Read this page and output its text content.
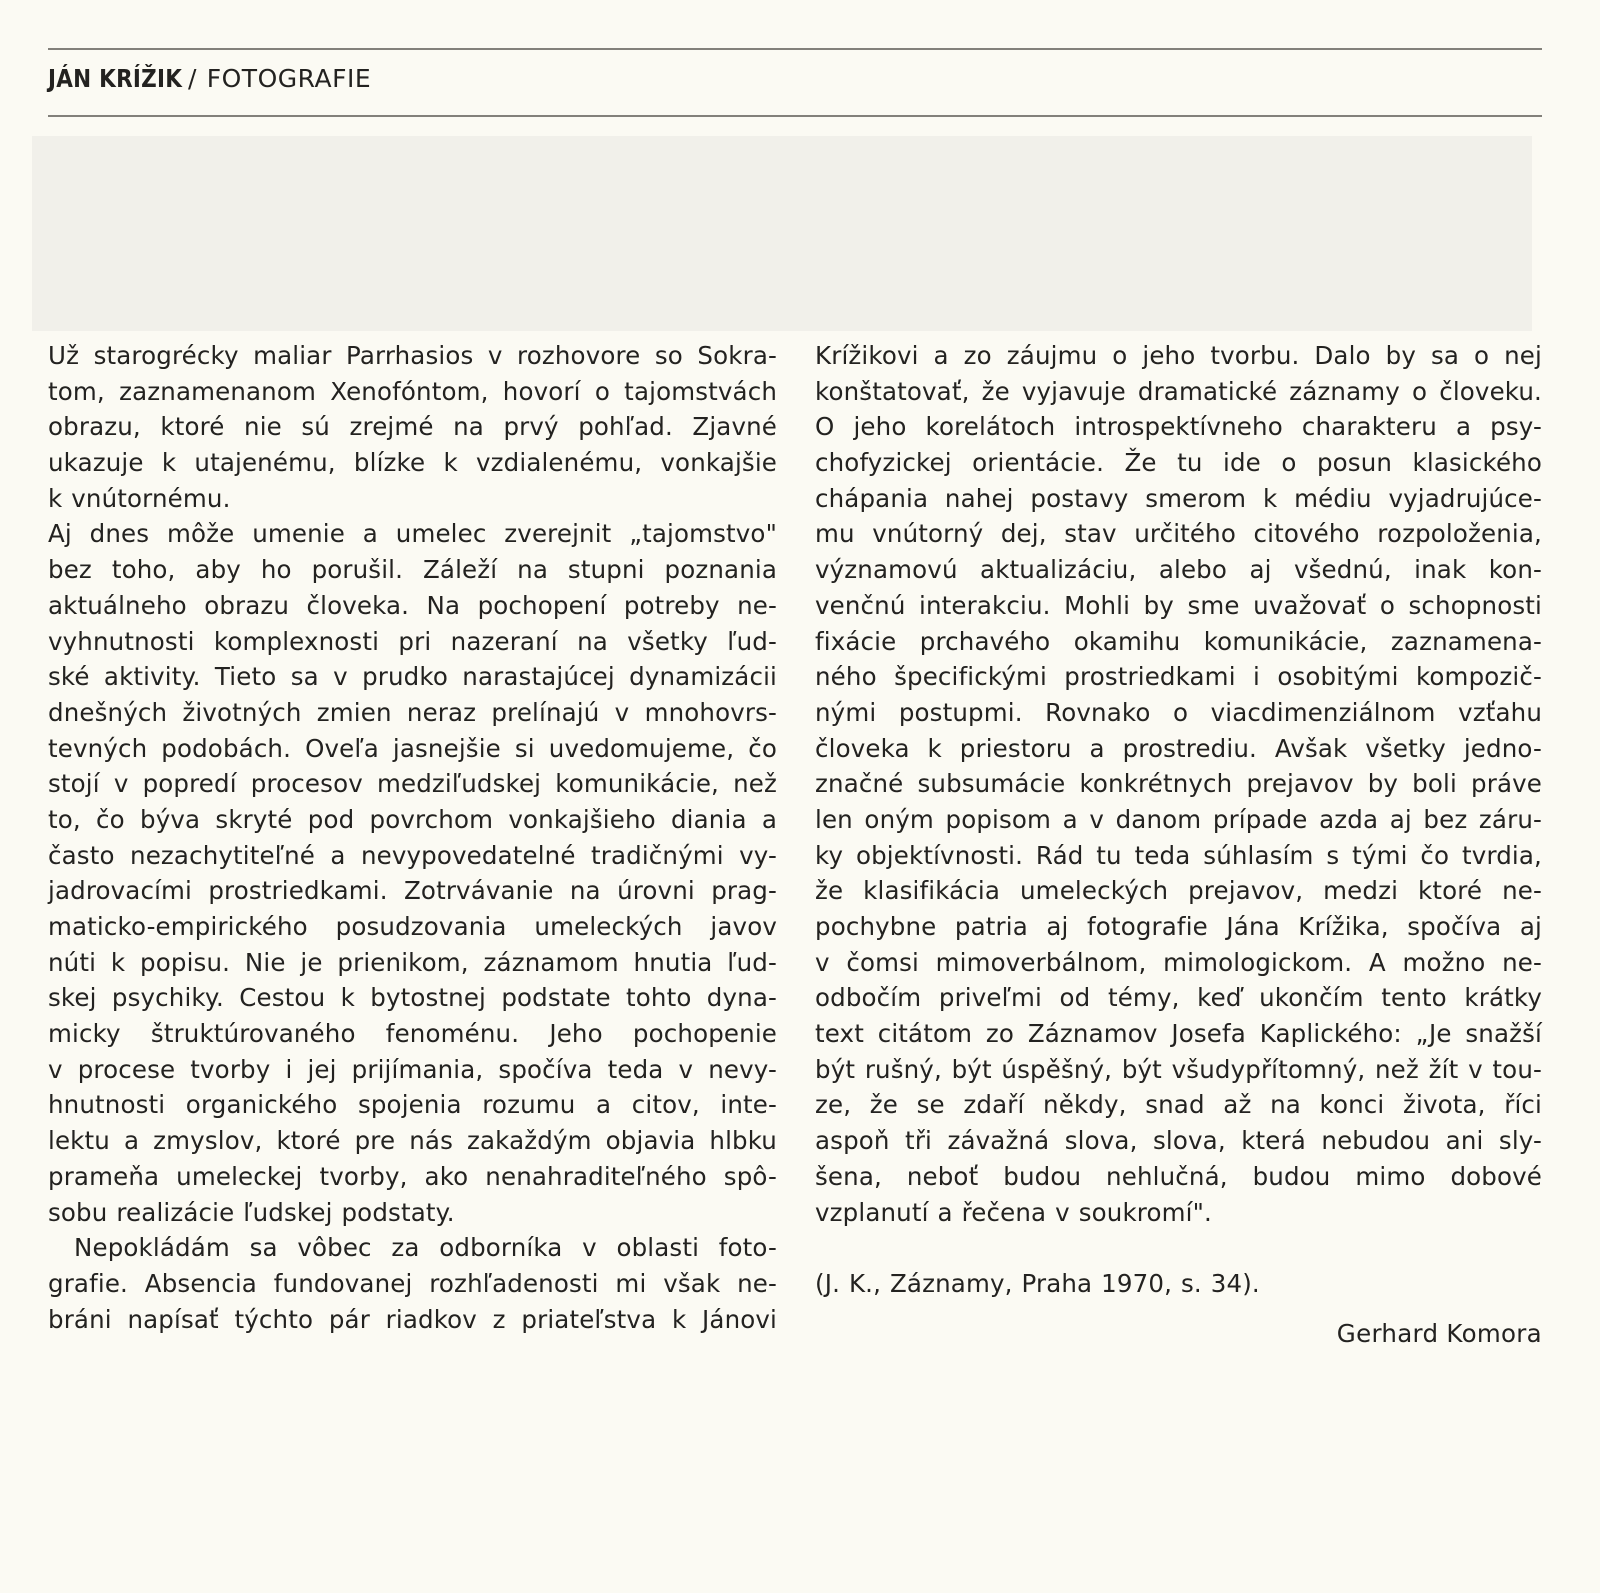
JÁN KRÍŽIK / FOTOGRAFIE
Už starogrécky maliar Parrhasios v rozhovore so Sokra-
tom, zaznamenanom Xenofóntom, hovorí o tajomstvách
obrazu, ktoré nie sú zrejmé na prvý pohľad. Zjavné
ukazuje k utajenému, blízke k vzdialenému, vonkajšie
k vnútornému.
Aj dnes môže umenie a umelec zverejnit „tajomstvo"
bez toho, aby ho porušil. Záleží na stupni poznania
aktuálneho obrazu človeka. Na pochopení potreby ne-
vyhnutnosti komplexnosti pri nazeraní na všetky ľud-
ské aktivity. Tieto sa v prudko narastajúcej dynamizácii
dnešných životných zmien neraz prelínajú v mnohovrs-
tevných podobách. Oveľa jasnejšie si uvedomujeme, čo
stojí v popredí procesov medziľudskej komunikácie, než
to, čo býva skryté pod povrchom vonkajšieho diania a
často nezachytiteľné a nevypovedatelné tradičnými vy-
jadrovacími prostriedkami. Zotrvávanie na úrovni prag-
maticko-empirického posudzovania umeleckých javov
núti k popisu. Nie je prienikom, záznamom hnutia ľud-
skej psychiky. Cestou k bytostnej podstate tohto dyna-
micky štruktúrovaného fenoménu. Jeho pochopenie
v procese tvorby i jej prijímania, spočíva teda v nevy-
hnutnosti organického spojenia rozumu a citov, inte-
lektu a zmyslov, ktoré pre nás zakaždým objavia hlbku
prameňa umeleckej tvorby, ako nenahraditeľného spô-
sobu realizácie ľudskej podstaty.
Nepokládám sa vôbec za odborníka v oblasti foto-
grafie. Absencia fundovanej rozhľadenosti mi však ne-
bráni napísať týchto pár riadkov z priateľstva k Jánovi
Krížikovi a zo záujmu o jeho tvorbu. Dalo by sa o nej
konštatovať, že vyjavuje dramatické záznamy o človeku.
O jeho korelátoch introspektívneho charakteru a psy-
chofyzickej orientácie. Že tu ide o posun klasického
chápania nahej postavy smerom k médiu vyjadrujúce-
mu vnútorný dej, stav určitého citového rozpoloženia,
významovú aktualizáciu, alebo aj všednú, inak kon-
venčnú interakciu. Mohli by sme uvažovať o schopnosti
fixácie prchavého okamihu komunikácie, zaznamena-
ného špecifickými prostriedkami i osobitými kompozič-
nými postupmi. Rovnako o viacdimenziálnom vzťahu
človeka k priestoru a prostrediu. Avšak všetky jedno-
značné subsumácie konkrétnych prejavov by boli práve
len oným popisom a v danom prípade azda aj bez záru-
ky objektívnosti. Rád tu teda súhlasím s tými čo tvrdia,
že klasifikácia umeleckých prejavov, medzi ktoré ne-
pochybne patria aj fotografie Jána Krížika, spočíva aj
v čomsi mimoverbálnom, mimologickom. A možno ne-
odbočím priveľmi od témy, keď ukončím tento krátky
text citátom zo Záznamov Josefa Kaplického: „Je snažší
být rušný, být úspěšný, být všudypřítomný, než žít v tou-
ze, že se zdaří někdy, snad až na konci života, říci
aspoň tři závažná slova, slova, která nebudou ani sly-
šena, neboť budou nehlučná, budou mimo dobové
vzplanutí a řečena v soukromí".
(J. K., Záznamy, Praha 1970, s. 34).
Gerhard Komora
